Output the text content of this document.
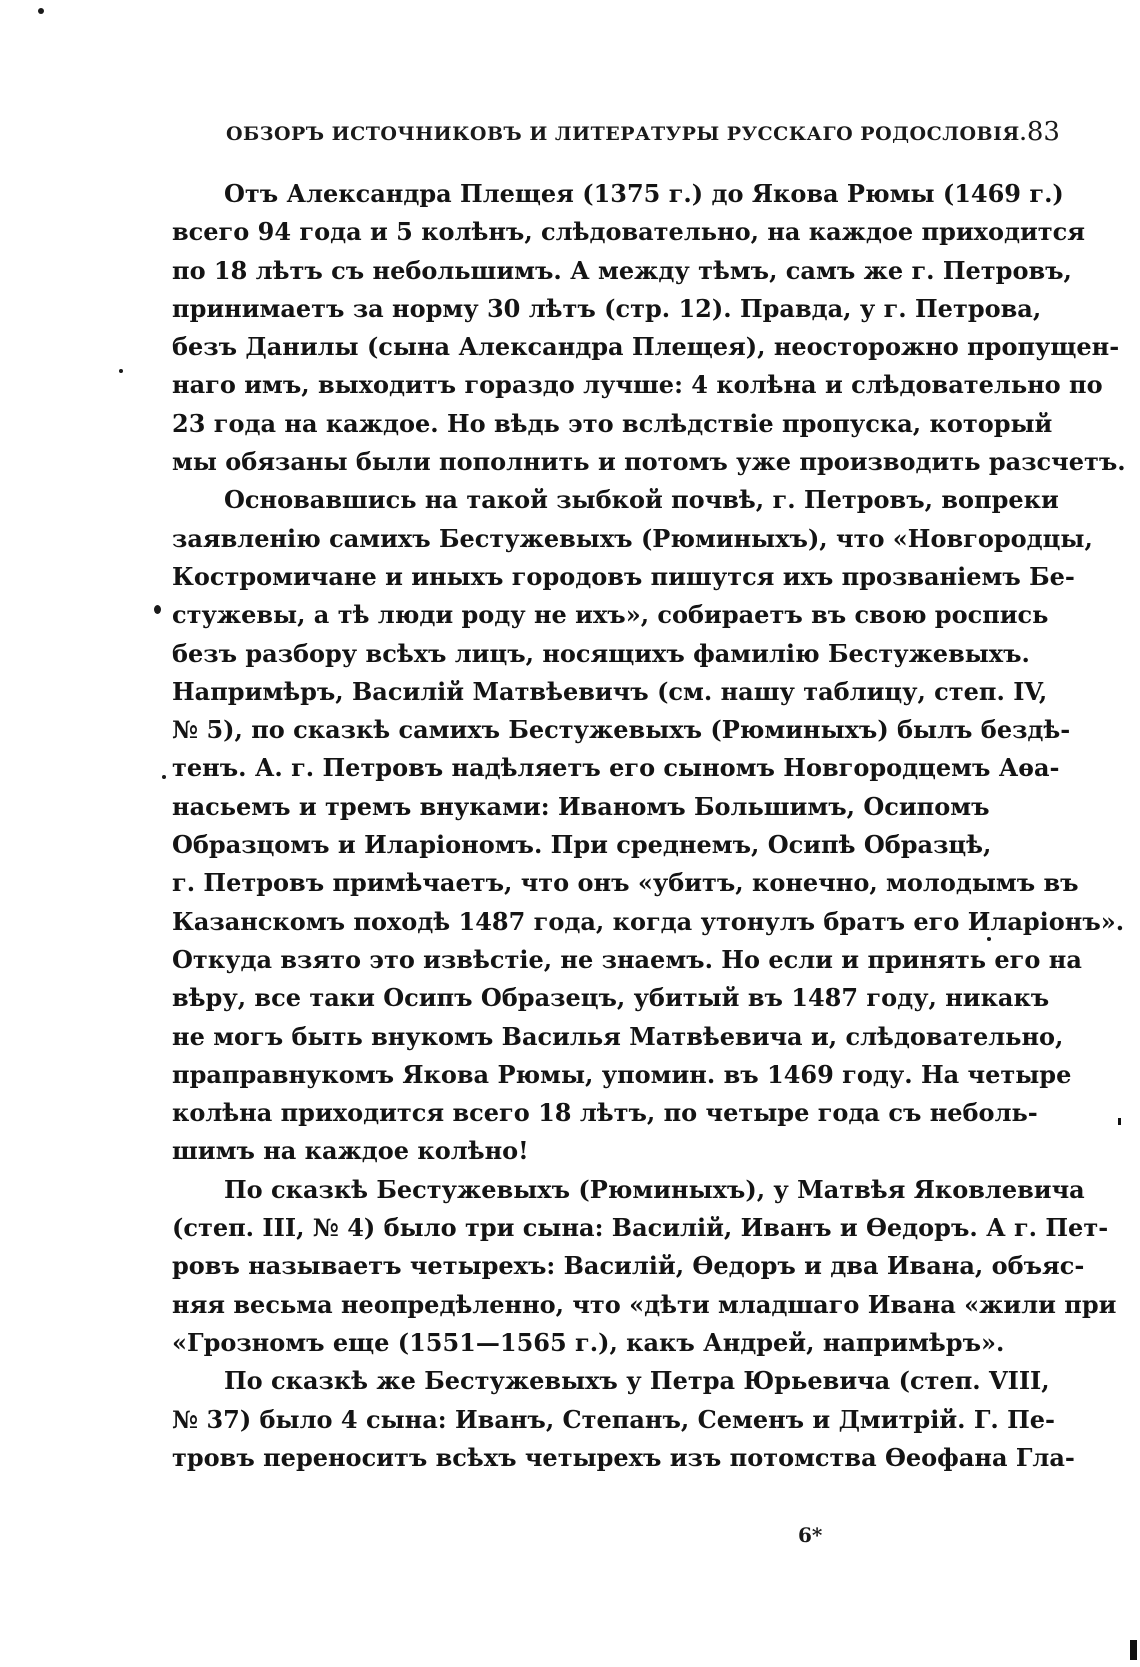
ОБЗОРЪ ИСТОЧНИКОВЪ И ЛИТЕРАТУРЫ РУССКАГО РОДОСЛОВІЯ. 83
Отъ Александра Плещея (1375 г.) до Якова Рюмы (1469 г.)
всего 94 года и 5 колѣнъ, слѣдовательно, на каждое приходится
по 18 лѣтъ съ небольшимъ. А между тѣмъ, самъ же г. Петровъ,
принимаетъ за норму 30 лѣтъ (стр. 12). Правда, у г. Петрова,
безъ Данилы (сына Александра Плещея), неосторожно пропущен-
наго имъ, выходитъ гораздо лучше: 4 колѣна и слѣдовательно по
23 года на каждое. Но вѣдь это вслѣдствіе пропуска, который
мы обязаны были пополнить и потомъ уже производить разсчетъ.
Основавшись на такой зыбкой почвѣ, г. Петровъ, вопреки
заявленію самихъ Бестужевыхъ (Рюминыхъ), что «Новгородцы,
Костромичане и иныхъ городовъ пишутся ихъ прозваніемъ Бе-
стужевы, а тѣ люди роду не ихъ», собираетъ въ свою роспись
безъ разбору всѣхъ лицъ, носящихъ фамилію Бестужевыхъ.
Напримѣръ, Василій Матвѣевичъ (см. нашу таблицу, степ. IV,
№ 5), по сказкѣ самихъ Бестужевыхъ (Рюминыхъ) былъ бездѣ-
тенъ. А. г. Петровъ надѣляетъ его сыномъ Новгородцемъ Аѳа-
насьемъ и тремъ внуками: Иваномъ Большимъ, Осипомъ
Образцомъ и Иларіономъ. При среднемъ, Осипѣ Образцѣ,
г. Петровъ примѣчаетъ, что онъ «убитъ, конечно, молодымъ въ
Казанскомъ походѣ 1487 года, когда утонулъ братъ его Иларіонъ».
Откуда взято это извѣстіе, не знаемъ. Но если и принять его на
вѣру, все таки Осипъ Образецъ, убитый въ 1487 году, никакъ
не могъ быть внукомъ Василья Матвѣевича и, слѣдовательно,
праправнукомъ Якова Рюмы, упомин. въ 1469 году. На четыре
колѣна приходится всего 18 лѣтъ, по четыре года съ неболь-
шимъ на каждое колѣно!
По сказкѣ Бестужевыхъ (Рюминыхъ), у Матвѣя Яковлевича
(степ. III, № 4) было три сына: Василій, Иванъ и Ѳедоръ. А г. Пет-
ровъ называетъ четырехъ: Василій, Ѳедоръ и два Ивана, объяс-
няя весьма неопредѣленно, что «дѣти младшаго Ивана «жили при
«Грозномъ еще (1551—1565 г.), какъ Андрей, напримѣръ».
По сказкѣ же Бестужевыхъ у Петра Юрьевича (степ. VIII,
№ 37) было 4 сына: Иванъ, Степанъ, Семенъ и Дмитрій. Г. Пе-
тровъ переноситъ всѣхъ четырехъ изъ потомства Ѳеофана Гла-
6*
